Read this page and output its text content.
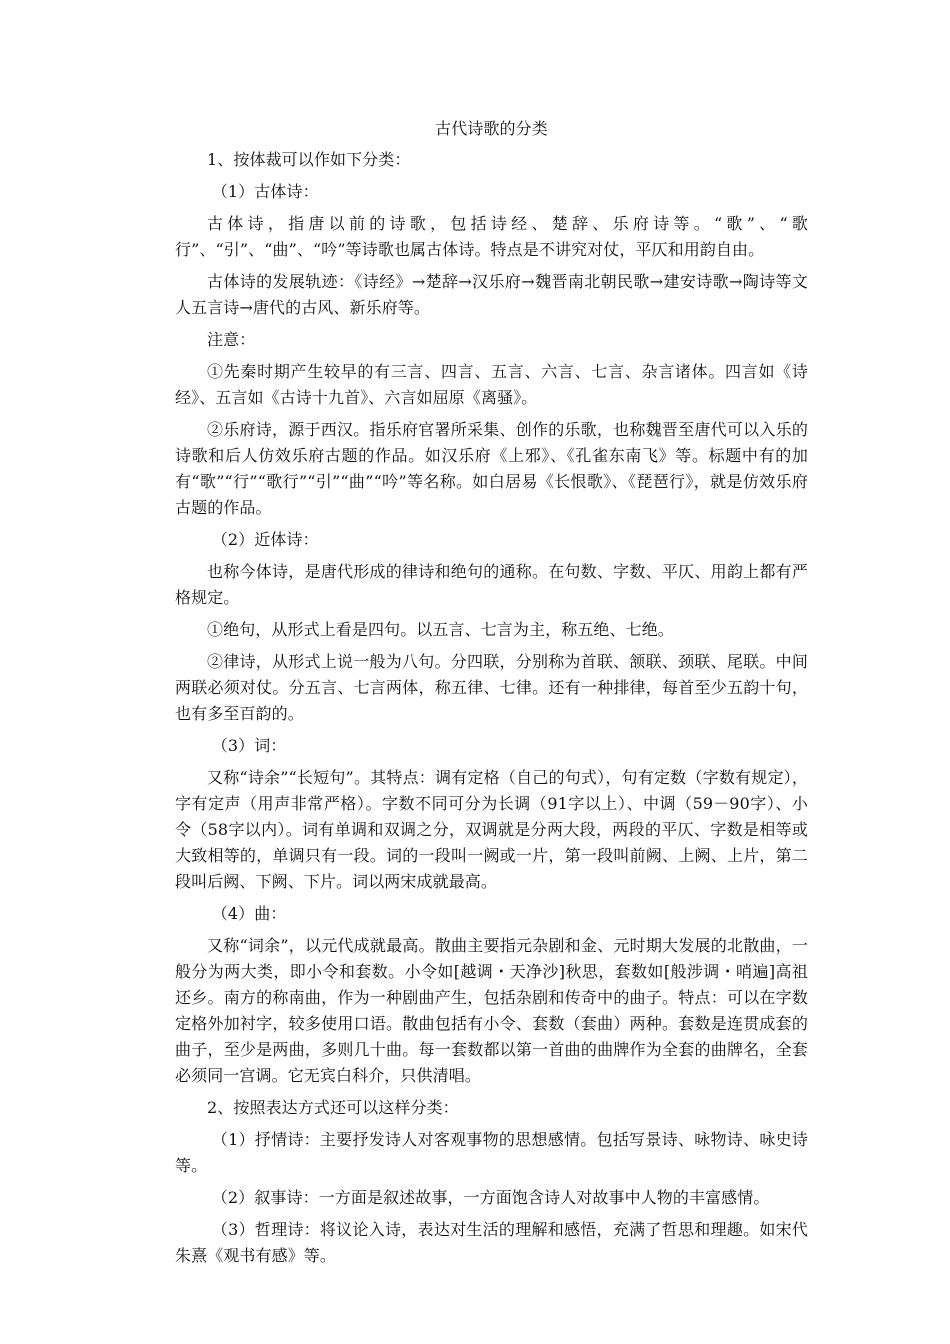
古代诗歌的分类

1、按体裁可以作如下分类：

（1）古体诗：

古体诗，指唐以前的诗歌，包括诗经、楚辞、乐府诗等。“歌”、“歌行”、“引”、“曲”、“吟”等诗歌也属古体诗。特点是不讲究对仗，平仄和用韵自由。

古体诗的发展轨迹：《诗经》→楚辞→汉乐府→魏晋南北朝民歌→建安诗歌→陶诗等文人五言诗→唐代的古风、新乐府等。

注意：

①先秦时期产生较早的有三言、四言、五言、六言、七言、杂言诸体。四言如《诗经》、五言如《古诗十九首》、六言如屈原《离骚》。

②乐府诗，源于西汉。指乐府官署所采集、创作的乐歌，也称魏晋至唐代可以入乐的诗歌和后人仿效乐府古题的作品。如汉乐府《上邪》、《孔雀东南飞》等。标题中有的加有“歌”“行”“歌行”“引”“曲”“吟”等名称。如白居易《长恨歌》、《琵琶行》，就是仿效乐府古题的作品。

（2）近体诗：

也称今体诗，是唐代形成的律诗和绝句的通称。在句数、字数、平仄、用韵上都有严格规定。

①绝句，从形式上看是四句。以五言、七言为主，称五绝、七绝。

②律诗，从形式上说一般为八句。分四联，分别称为首联、颔联、颈联、尾联。中间两联必须对仗。分五言、七言两体，称五律、七律。还有一种排律，每首至少五韵十句，也有多至百韵的。

（3）词：

又称“诗余”“长短句”。其特点：调有定格（自己的句式），句有定数（字数有规定），字有定声（用声非常严格）。字数不同可分为长调（91字以上）、中调（59－90字）、小令（58字以内）。词有单调和双调之分，双调就是分两大段，两段的平仄、字数是相等或大致相等的，单调只有一段。词的一段叫一阙或一片，第一段叫前阙、上阙、上片，第二段叫后阙、下阙、下片。词以两宋成就最高。

（4）曲：

又称“词余”，以元代成就最高。散曲主要指元杂剧和金、元时期大发展的北散曲，一般分为两大类，即小令和套数。小令如[越调・天净沙]秋思，套数如[般涉调・哨遍]高祖还乡。南方的称南曲，作为一种剧曲产生，包括杂剧和传奇中的曲子。特点：可以在字数定格外加衬字，较多使用口语。散曲包括有小令、套数（套曲）两种。套数是连贯成套的曲子，至少是两曲，多则几十曲。每一套数都以第一首曲的曲牌作为全套的曲牌名，全套必须同一宫调。它无宾白科介，只供清唱。

2、按照表达方式还可以这样分类：

（1）抒情诗：主要抒发诗人对客观事物的思想感情。包括写景诗、咏物诗、咏史诗等。

（2）叙事诗：一方面是叙述故事，一方面饱含诗人对故事中人物的丰富感情。

（3）哲理诗：将议论入诗，表达对生活的理解和感悟，充满了哲思和理趣。如宋代朱熹《观书有感》等。
